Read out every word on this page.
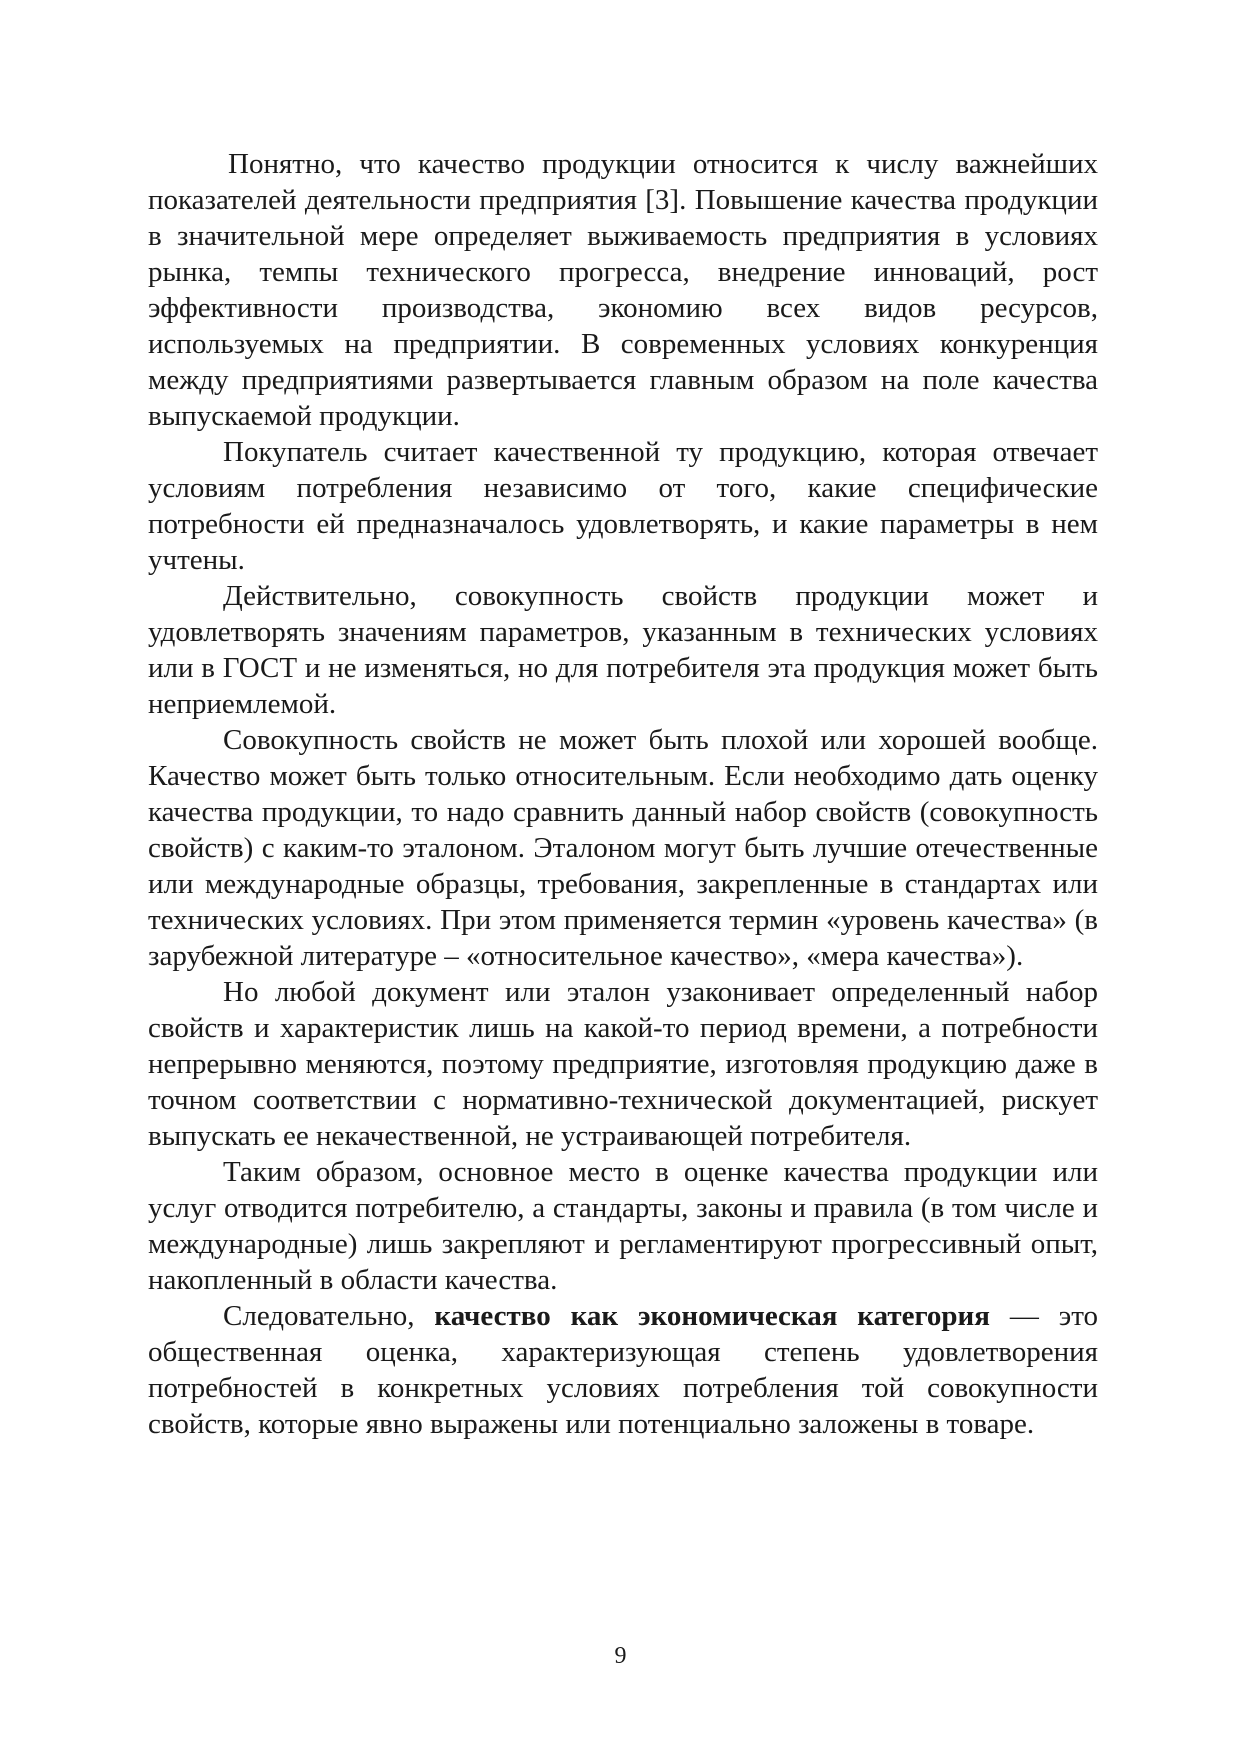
Понятно, что качество продукции относится к числу важнейших показателей деятельности предприятия [3]. Повышение качества продукции в значительной мере определяет выживаемость предприятия в условиях рынка, темпы технического прогресса, внедрение инноваций, рост эффективности производства, экономию всех видов ресурсов, используемых на предприятии. В современных условиях конкуренция между предприятиями развертывается главным образом на поле качества выпускаемой продукции.

Покупатель считает качественной ту продукцию, которая отвечает условиям потребления независимо от того, какие специфические потребности ей предназначалось удовлетворять, и какие параметры в нем учтены.

Действительно, совокупность свойств продукции может и удовлетворять значениям параметров, указанным в технических условиях или в ГОСТ и не изменяться, но для потребителя эта продукция может быть неприемлемой.

Совокупность свойств не может быть плохой или хорошей вообще. Качество может быть только относительным. Если необходимо дать оценку качества продукции, то надо сравнить данный набор свойств (совокупность свойств) с каким-то эталоном. Эталоном могут быть лучшие отечественные или международные образцы, требования, закрепленные в стандартах или технических условиях. При этом применяется термин «уровень качества» (в зарубежной литературе – «относительное качество», «мера качества»).

Но любой документ или эталон узаконивает определенный набор свойств и характеристик лишь на какой-то период времени, а потребности непрерывно меняются, поэтому предприятие, изготовляя продукцию даже в точном соответствии с нормативно-технической документацией, рискует выпускать ее некачественной, не устраивающей потребителя.

Таким образом, основное место в оценке качества продукции или услуг отводится потребителю, а стандарты, законы и правила (в том числе и международные) лишь закрепляют и регламентируют прогрессивный опыт, накопленный в области качества.

Следовательно, качество как экономическая категория — это общественная оценка, характеризующая степень удовлетворения потребностей в конкретных условиях потребления той совокупности свойств, которые явно выражены или потенциально заложены в товаре.

9
